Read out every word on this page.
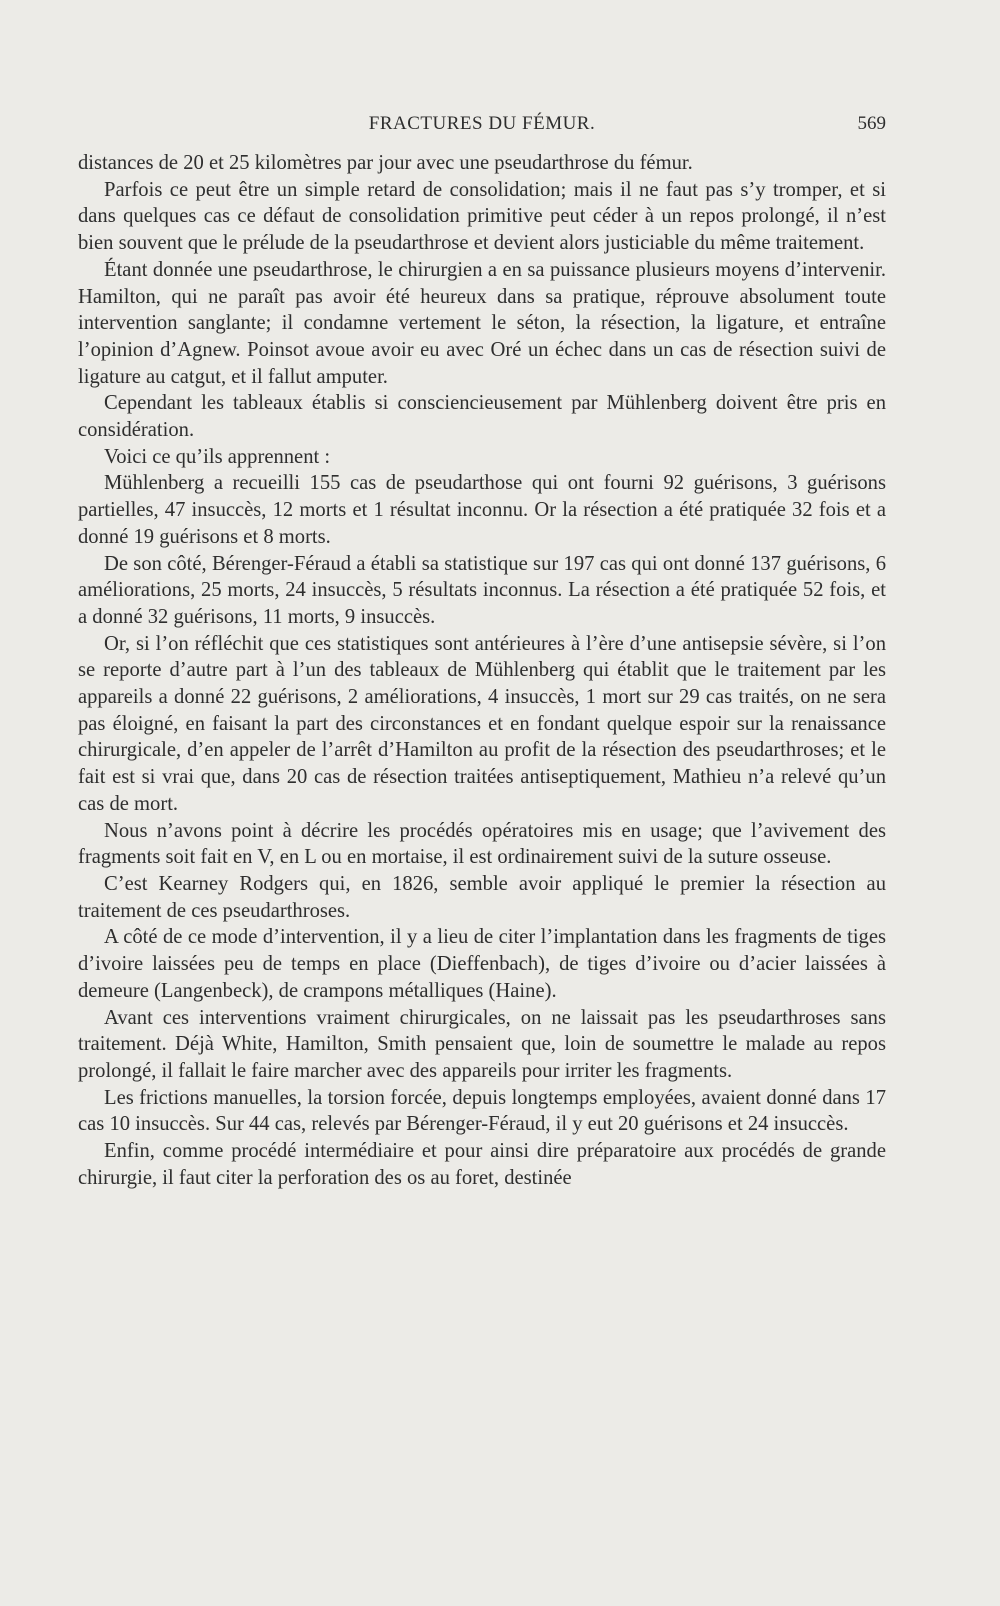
FRACTURES DU FÉMUR.	569

distances de 20 et 25 kilomètres par jour avec une pseudarthrose du fémur.

Parfois ce peut être un simple retard de consolidation; mais il ne faut pas s’y tromper, et si dans quelques cas ce défaut de consolidation primitive peut céder à un repos prolongé, il n’est bien souvent que le prélude de la pseudarthrose et devient alors justiciable du même traitement.

Étant donnée une pseudarthrose, le chirurgien a en sa puissance plusieurs moyens d’intervenir. Hamilton, qui ne paraît pas avoir été heureux dans sa pratique, réprouve absolument toute intervention sanglante; il condamne vertement le séton, la résection, la ligature, et entraîne l’opinion d’Agnew. Poinsot avoue avoir eu avec Oré un échec dans un cas de résection suivi de ligature au catgut, et il fallut amputer.

Cependant les tableaux établis si consciencieusement par Mühlenberg doivent être pris en considération.

Voici ce qu’ils apprennent :

Mühlenberg a recueilli 155 cas de pseudarthose qui ont fourni 92 guérisons, 3 guérisons partielles, 47 insuccès, 12 morts et 1 résultat inconnu. Or la résection a été pratiquée 32 fois et a donné 19 guérisons et 8 morts.

De son côté, Bérenger-Féraud a établi sa statistique sur 197 cas qui ont donné 137 guérisons, 6 améliorations, 25 morts, 24 insuccès, 5 résultats inconnus. La résection a été pratiquée 52 fois, et a donné 32 guérisons, 11 morts, 9 insuccès.

Or, si l’on réfléchit que ces statistiques sont antérieures à l’ère d’une antisepsie sévère, si l’on se reporte d’autre part à l’un des tableaux de Mühlenberg qui établit que le traitement par les appareils a donné 22 guérisons, 2 améliorations, 4 insuccès, 1 mort sur 29 cas traités, on ne sera pas éloigné, en faisant la part des circonstances et en fondant quelque espoir sur la renaissance chirurgicale, d’en appeler de l’arrêt d’Hamilton au profit de la résection des pseudarthroses; et le fait est si vrai que, dans 20 cas de résection traitées antiseptiquement, Mathieu n’a relevé qu’un cas de mort.

Nous n’avons point à décrire les procédés opératoires mis en usage; que l’avivement des fragments soit fait en V, en L ou en mortaise, il est ordinairement suivi de la suture osseuse.

C’est Kearney Rodgers qui, en 1826, semble avoir appliqué le premier la résection au traitement de ces pseudarthroses.

A côté de ce mode d’intervention, il y a lieu de citer l’implantation dans les fragments de tiges d’ivoire laissées peu de temps en place (Dieffenbach), de tiges d’ivoire ou d’acier laissées à demeure (Langenbeck), de crampons métalliques (Haine).

Avant ces interventions vraiment chirurgicales, on ne laissait pas les pseudarthroses sans traitement. Déjà White, Hamilton, Smith pensaient que, loin de soumettre le malade au repos prolongé, il fallait le faire marcher avec des appareils pour irriter les fragments.

Les frictions manuelles, la torsion forcée, depuis longtemps employées, avaient donné dans 17 cas 10 insuccès. Sur 44 cas, relevés par Bérenger-Féraud, il y eut 20 guérisons et 24 insuccès.

Enfin, comme procédé intermédiaire et pour ainsi dire préparatoire aux procédés de grande chirurgie, il faut citer la perforation des os au foret, destinée
